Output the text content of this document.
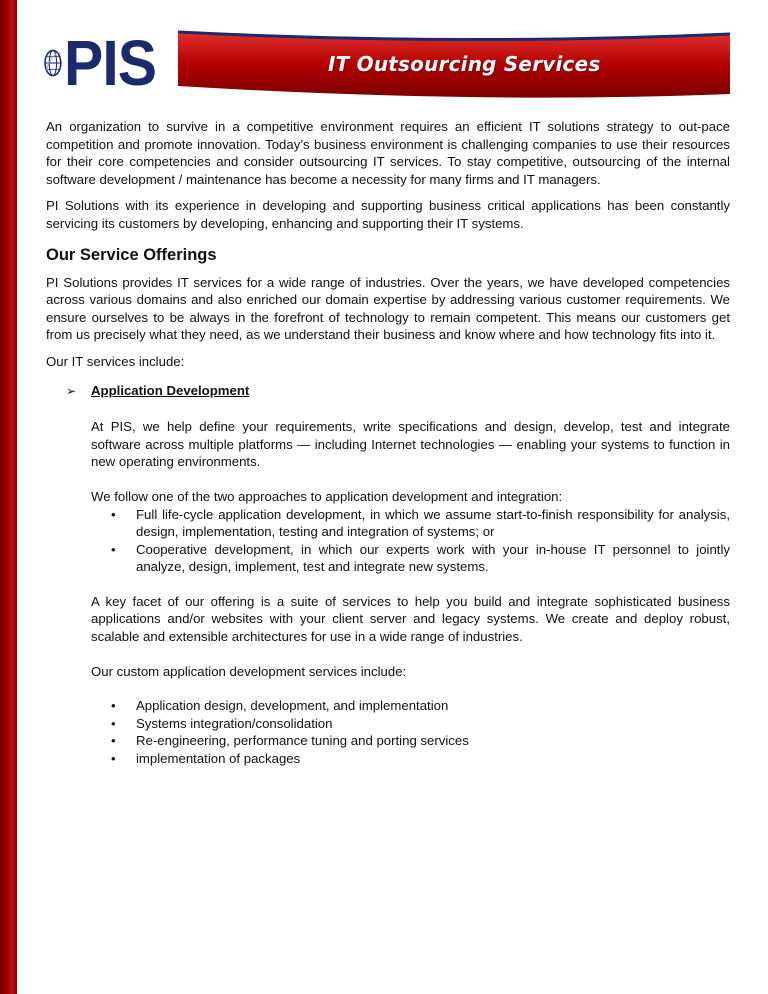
PIS	IT Outsourcing Services

An organization to survive in a competitive environment requires an efficient IT solutions strategy to out-pace competition and promote innovation. Today’s business environment is challenging companies to use their resources for their core competencies and consider outsourcing IT services. To stay competitive, outsourcing of the internal software development / maintenance has become a necessity for many firms and IT managers.

PI Solutions with its experience in developing and supporting business critical applications has been constantly servicing its customers by developing, enhancing and supporting their IT systems.

Our Service Offerings

PI Solutions provides IT services for a wide range of industries. Over the years, we have developed competencies across various domains and also enriched our domain expertise by addressing various customer requirements. We ensure ourselves to be always in the forefront of technology to remain competent. This means our customers get from us precisely what they need, as we understand their business and know where and how technology fits into it.

Our IT services include:

➢	Application Development

At PIS, we help define your requirements, write specifications and design, develop, test and integrate software across multiple platforms — including Internet technologies — enabling your systems to function in new operating environments.

We follow one of the two approaches to application development and integration:

• Full life-cycle application development, in which we assume start-to-finish responsibility for analysis, design, implementation, testing and integration of systems; or
• Cooperative development, in which our experts work with your in-house IT personnel to jointly analyze, design, implement, test and integrate new systems.

A key facet of our offering is a suite of services to help you build and integrate sophisticated business applications and/or websites with your client server and legacy systems. We create and deploy robust, scalable and extensible architectures for use in a wide range of industries.

Our custom application development services include:

• Application design, development, and implementation
• Systems integration/consolidation
• Re-engineering, performance tuning and porting services
• implementation of packages
